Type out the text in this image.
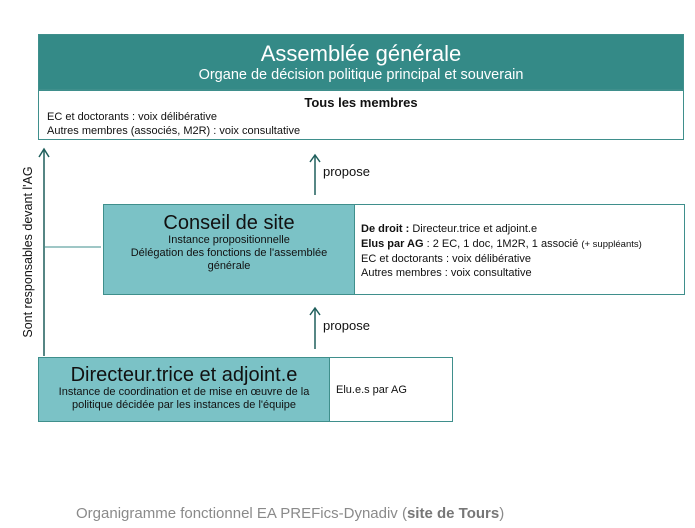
Assemblée générale
Organe de décision politique principal et souverain
Tous les membres
EC et doctorants : voix délibérative
Autres membres (associés, M2R) : voix consultative
Conseil de site
Instance propositionnelle
Délégation des fonctions de l'assemblée
générale
De droit : Directeur.trice et adjoint.e
Elus par AG : 2 EC, 1 doc, 1M2R, 1 associé (+ suppléants)
EC et doctorants : voix délibérative
Autres membres : voix consultative
Directeur.trice et adjoint.e
Instance de coordination et de mise en œuvre de la
politique décidée par les instances de l'équipe
Elu.e.s par AG
propose
propose
Sont responsables devant l'AG
Organigramme fonctionnel EA PREFics-Dynadiv (site de Tours)
